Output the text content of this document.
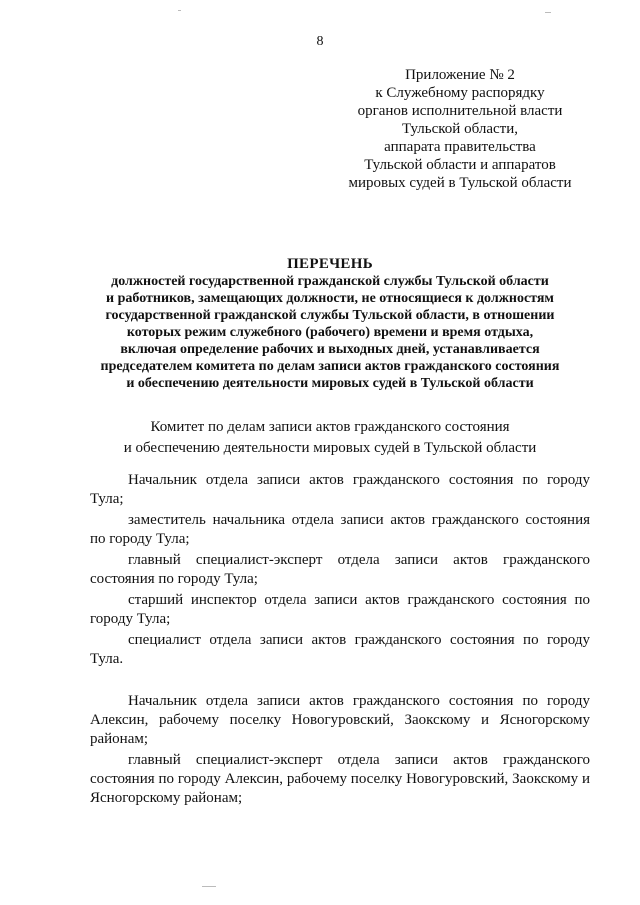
8
Приложение № 2
к Служебному распорядку
органов исполнительной власти
Тульской области,
аппарата правительства
Тульской области и аппаратов
мировых судей в Тульской области
ПЕРЕЧЕНЬ
должностей государственной гражданской службы Тульской области
и работников, замещающих должности, не относящиеся к должностям
государственной гражданской службы Тульской области, в отношении
которых режим служебного (рабочего) времени и время отдыха,
включая определение рабочих и выходных дней, устанавливается
председателем комитета по делам записи актов гражданского состояния
и обеспечению деятельности мировых судей в Тульской области
Комитет по делам записи актов гражданского состояния
и обеспечению деятельности мировых судей в Тульской области

Начальник отдела записи актов гражданского состояния по городу Тула;

заместитель начальника отдела записи актов гражданского состояния по городу Тула;

главный специалист-эксперт отдела записи актов гражданского состояния по городу Тула;

старший инспектор отдела записи актов гражданского состояния по городу Тула;

специалист отдела записи актов гражданского состояния по городу Тула.

Начальник отдела записи актов гражданского состояния по городу Алексин, рабочему поселку Новогуровский, Заокскому и Ясногорскому районам;

главный специалист-эксперт отдела записи актов гражданского состояния по городу Алексин, рабочему поселку Новогуровский, Заокскому и Ясногорскому районам;
